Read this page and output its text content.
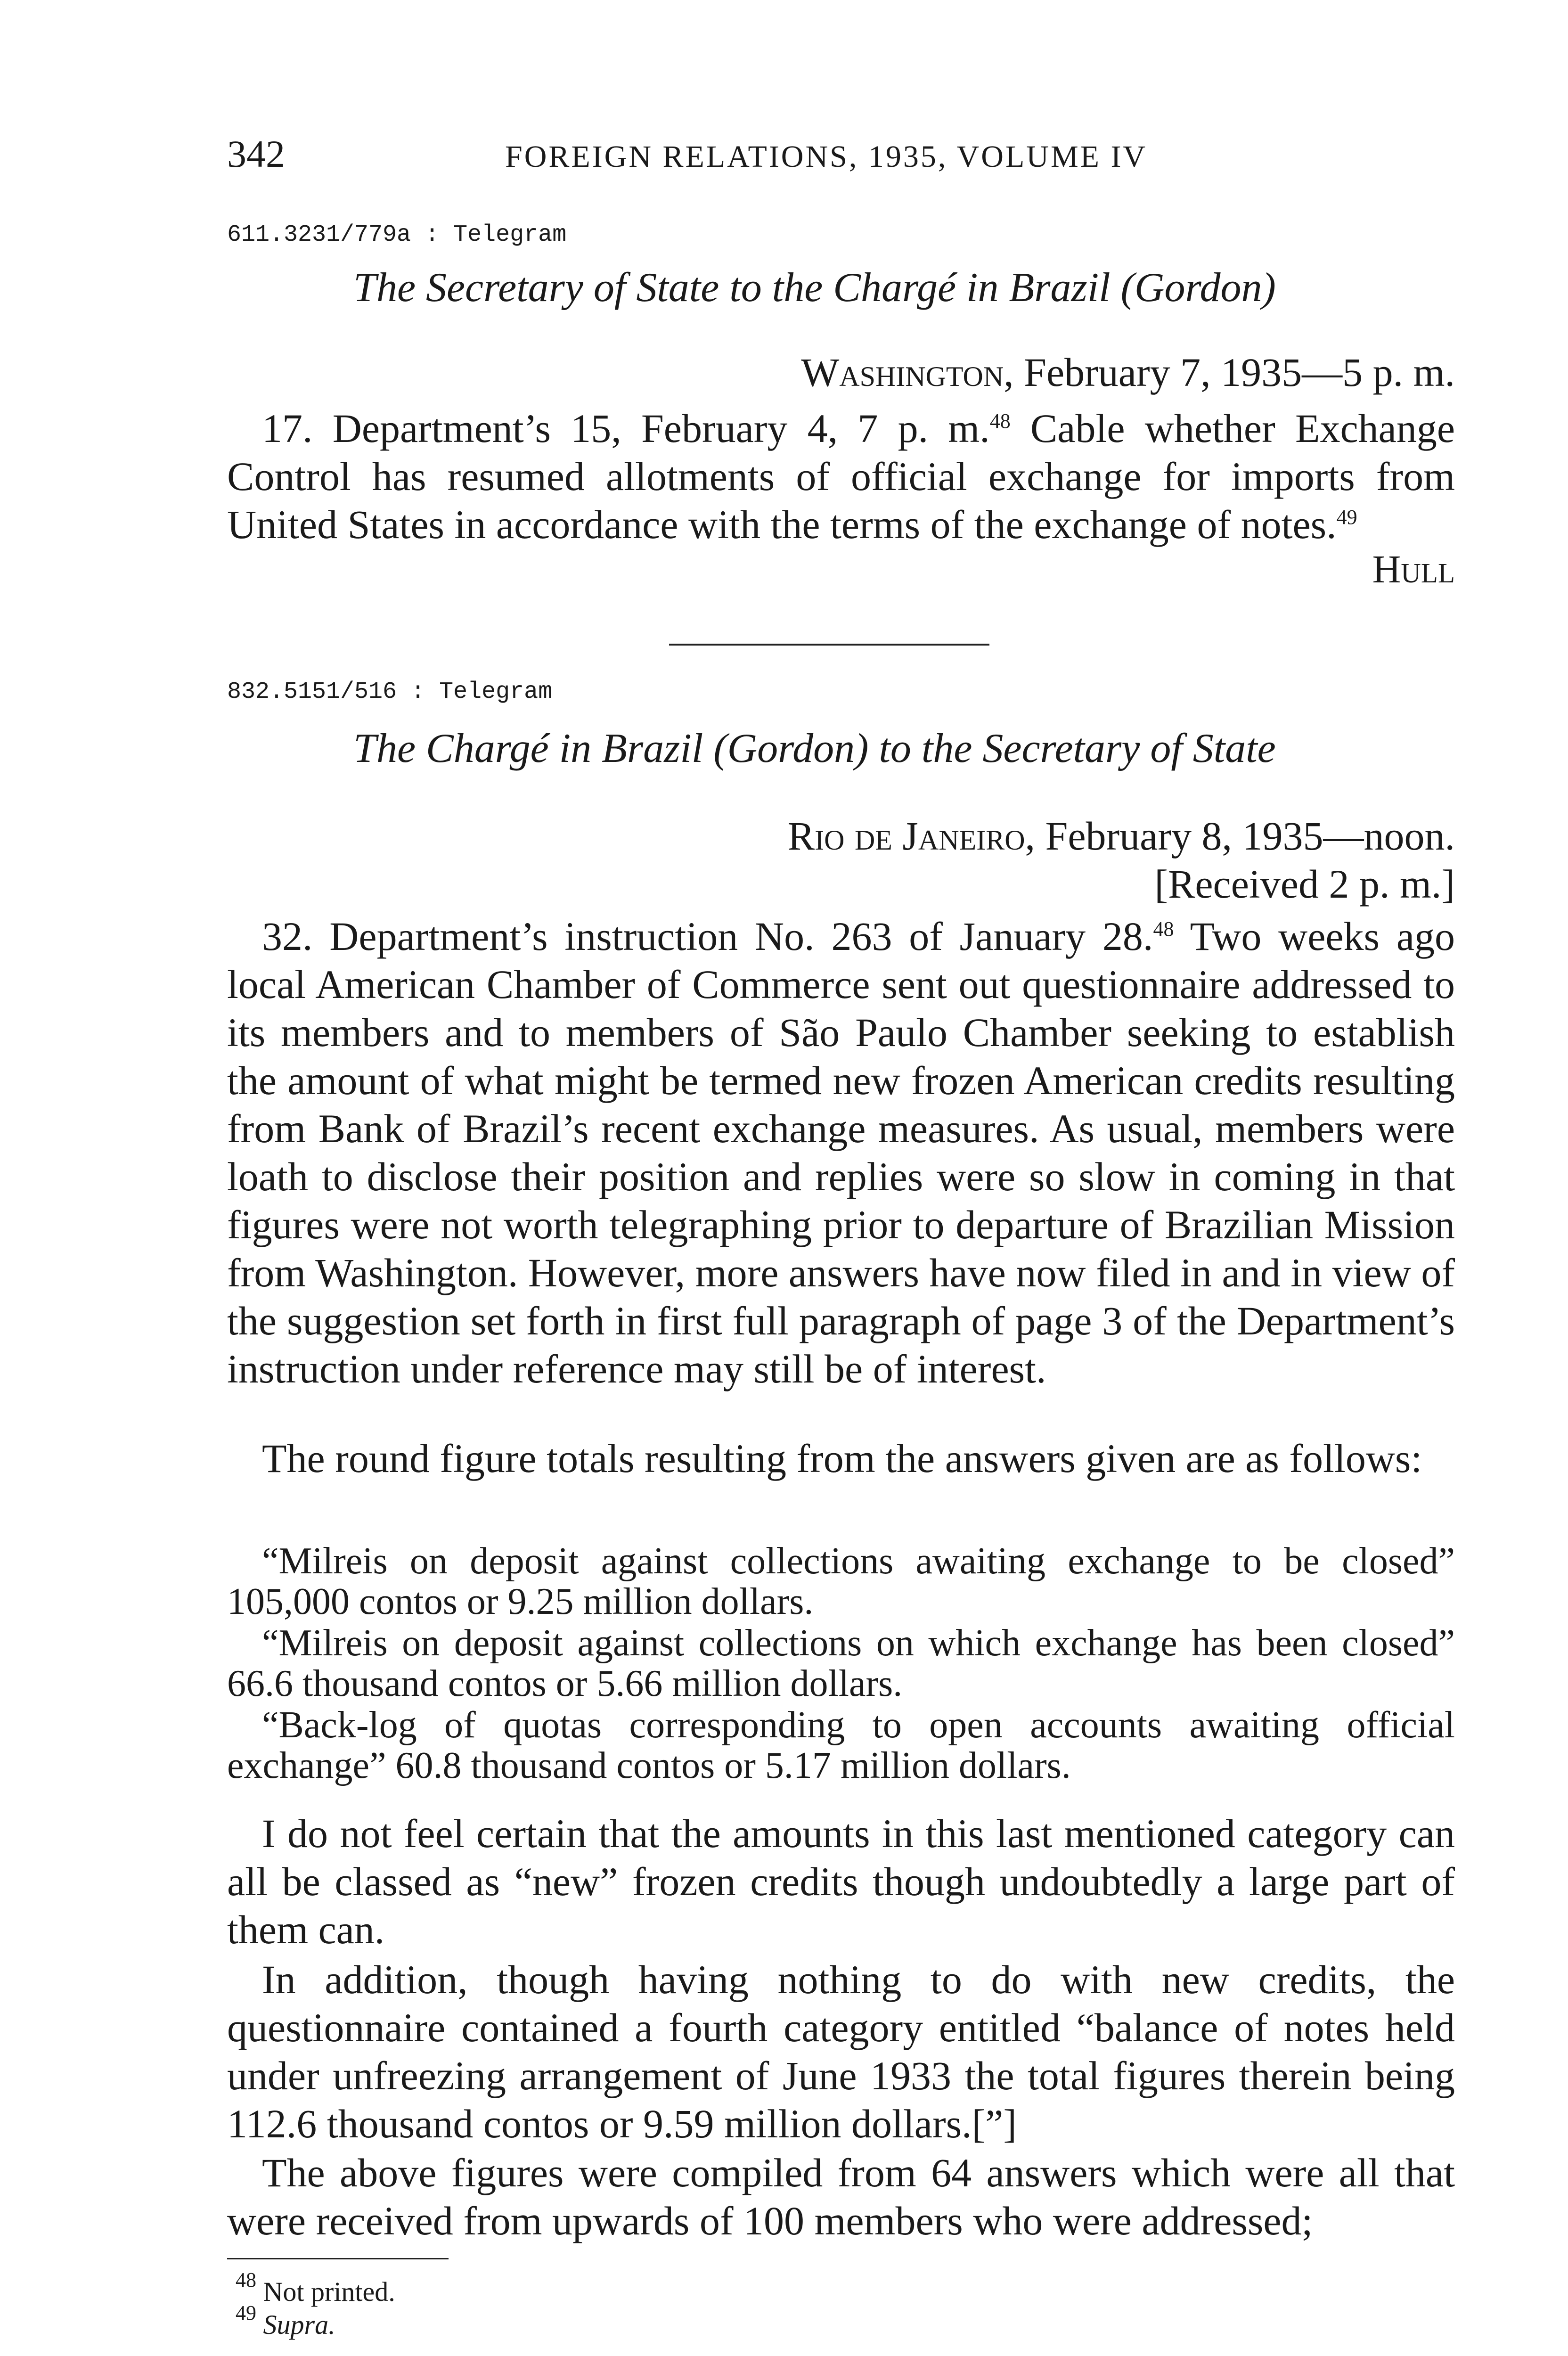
342	FOREIGN RELATIONS, 1935, VOLUME IV
611.3231/779a : Telegram
The Secretary of State to the Chargé in Brazil (Gordon)
Washington, February 7, 1935—5 p. m.
17. Department’s 15, February 4, 7 p. m.$^{48}$ Cable whether Exchange Control has resumed allotments of official exchange for imports from United States in accordance with the terms of the exchange of notes.$^{49}$
Hull
832.5151/516 : Telegram
The Chargé in Brazil (Gordon) to the Secretary of State
Rio de Janeiro, February 8, 1935—noon.
[Received 2 p. m.]
32. Department’s instruction No. 263 of January 28.48 Two weeks ago local American Chamber of Commerce sent out questionnaire addressed to its members and to members of São Paulo Chamber seeking to establish the amount of what might be termed new frozen American credits resulting from Bank of Brazil’s recent exchange measures. As usual, members were loath to disclose their position and replies were so slow in coming in that figures were not worth telegraphing prior to departure of Brazilian Mission from Washington. However, more answers have now filed in and in view of the suggestion set forth in first full paragraph of page 3 of the Department’s instruction under reference may still be of interest.
The round figure totals resulting from the answers given are as follows:
“Milreis on deposit against collections awaiting exchange to be closed” 105,000 contos or 9.25 million dollars.
“Milreis on deposit against collections on which exchange has been closed” 66.6 thousand contos or 5.66 million dollars.
“Back-log of quotas corresponding to open accounts awaiting official exchange” 60.8 thousand contos or 5.17 million dollars.
I do not feel certain that the amounts in this last mentioned category can all be classed as “new” frozen credits though undoubtedly a large part of them can.
In addition, though having nothing to do with new credits, the questionnaire contained a fourth category entitled “balance of notes held under unfreezing arrangement of June 1933 the total figures therein being 112.6 thousand contos or 9.59 million dollars.[”]
The above figures were compiled from 64 answers which were all that were received from upwards of 100 members who were addressed;
$^{48}$ Not printed.
$^{49}$ Supra.
